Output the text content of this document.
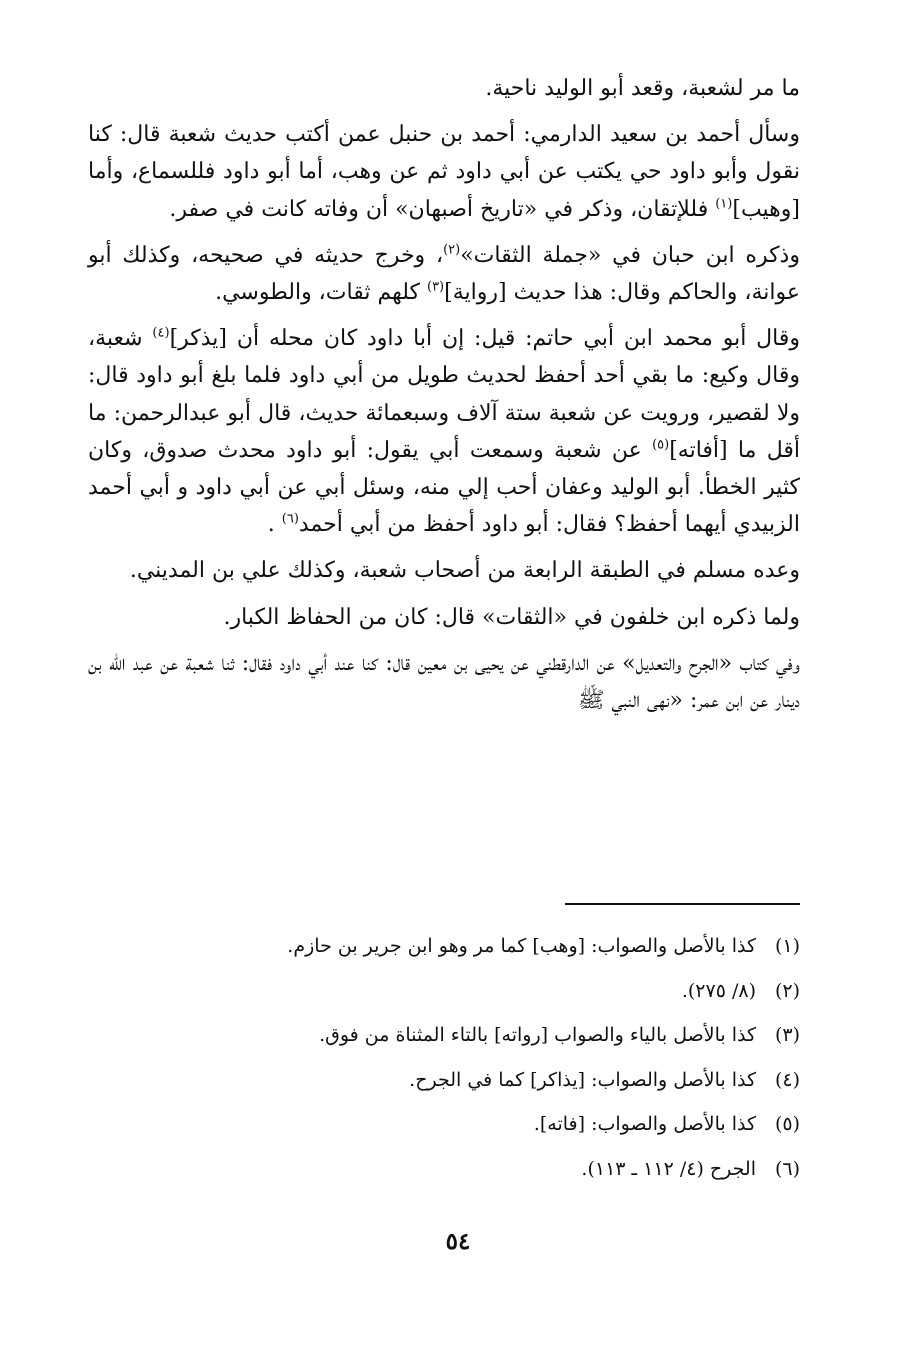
ما مر لشعبة، وقعد أبو الوليد ناحية.

وسأل أحمد بن سعيد الدارمي: أحمد بن حنبل عمن أكتب حديث شعبة قال: كنا نقول وأبو داود حي يكتب عن أبي داود ثم عن وهب، أما أبو داود فللسماع، وأما [وهيب]$^{(١)}$ فللإتقان، وذكر في «تاريخ أصبهان» أن وفاته كانت في صفر.

وذكره ابن حبان في «جملة الثقات»$^{(٢)}$، وخرج حديثه في صحيحه، وكذلك أبو عوانة، والحاكم وقال: هذا حديث [رواية]$^{(٣)}$ كلهم ثقات، والطوسي.

وقال أبو محمد ابن أبي حاتم: قيل: إن أبا داود كان محله أن [يذكر]$^{(٤)}$ شعبة، وقال وكيع: ما بقي أحد أحفظ لحديث طويل من أبي داود فلما بلغ أبو داود قال: ولا لقصير، ورويت عن شعبة ستة آلاف وسبعمائة حديث، قال أبو عبدالرحمن: ما أقل ما [أفاته]$^{(٥)}$ عن شعبة وسمعت أبي يقول: أبو داود محدث صدوق، وكان كثير الخطأ. أبو الوليد وعفان أحب إلي منه، وسئل أبي عن أبي داود و أبي أحمد الزبيدي أيهما أحفظ؟ فقال: أبو داود أحفظ من أبي أحمد$^{(٦)}$ .

وعده مسلم في الطبقة الرابعة من أصحاب شعبة، وكذلك علي بن المديني.

ولما ذكره ابن خلفون في «الثقات» قال: كان من الحفاظ الكبار.

وفي كتاب «الجرح والتعديل» عن الدارقطني عن يحيى بن معين قال: كنا عند أبي داود فقال: ثنا شعبة عن عبد الله بن دينار عن ابن عمر: «نهى النبي ﷺ

(١)كذا بالأصل والصواب: [وهب] كما مر وهو ابن جرير بن حازم.

(٢)(٨/ ٢٧٥).

(٣)كذا بالأصل بالياء والصواب [رواته] بالتاء المثناة من فوق.

(٤)كذا بالأصل والصواب: [يذاكر] كما في الجرح.

(٥)كذا بالأصل والصواب: [فاته].

(٦)الجرح (٤/ ١١٢ ـ ١١٣).

٥٤
